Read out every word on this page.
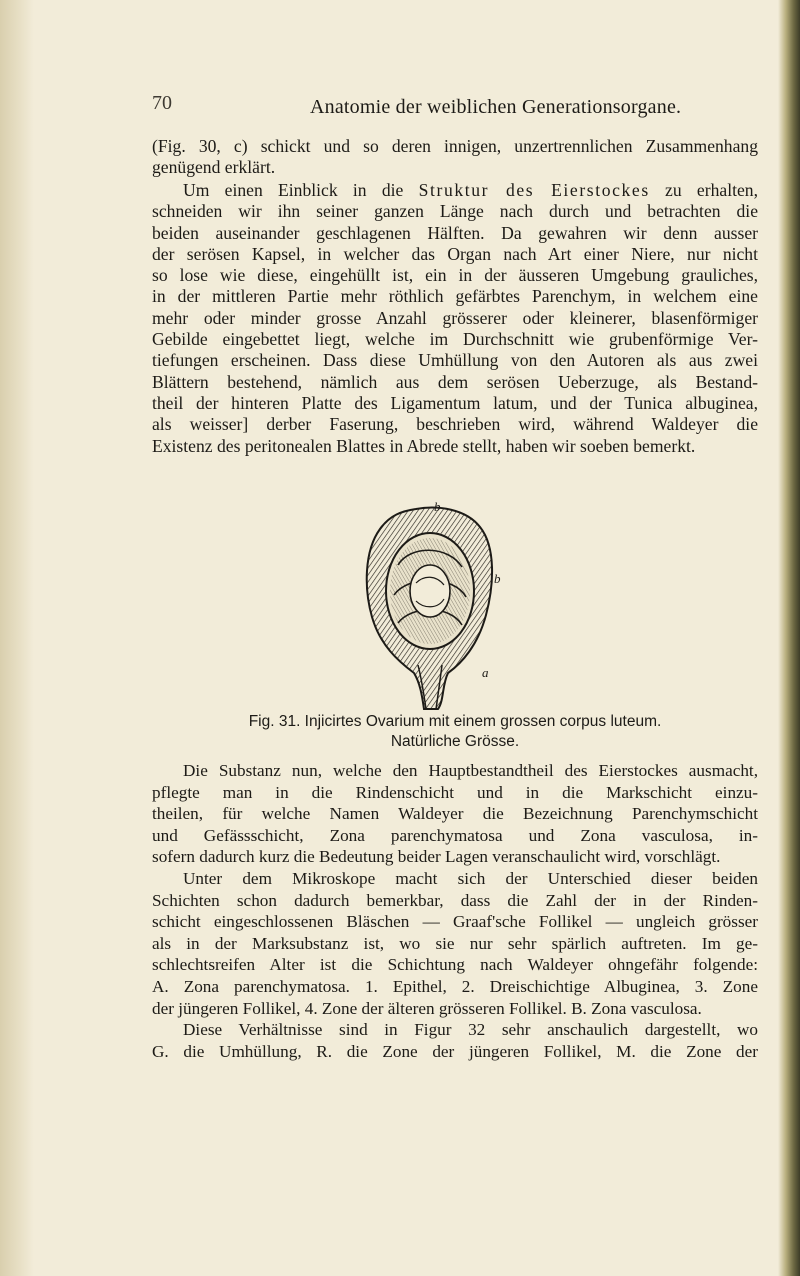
70	Anatomie der weiblichen Generationsorgane.
(Fig. 30, c) schickt und so deren innigen, unzertrennlichen Zusammenhang
genügend erklärt.
Um einen Einblick in die Struktur des Eierstockes zu erhalten,
schneiden wir ihn seiner ganzen Länge nach durch und betrachten die
beiden auseinander geschlagenen Hälften. Da gewahren wir denn ausser
der serösen Kapsel, in welcher das Organ nach Art einer Niere, nur nicht
so lose wie diese, eingehüllt ist, ein in der äusseren Umgebung grauliches,
in der mittleren Partie mehr röthlich gefärbtes Parenchym, in welchem eine
mehr oder minder grosse Anzahl grösserer oder kleinerer, blasenförmiger
Gebilde eingebettet liegt, welche im Durchschnitt wie grubenförmige Ver-
tiefungen erscheinen. Dass diese Umhüllung von den Autoren als aus zwei
Blättern bestehend, nämlich aus dem serösen Ueberzuge, als Bestand-
theil der hinteren Platte des Ligamentum latum, und der Tunica albuginea,
als weisser] derber Faserung, beschrieben wird, während Waldeyer die
Existenz des peritonealen Blattes in Abrede stellt, haben wir soeben bemerkt.
b
b
a
Fig. 31. Injicirtes Ovarium mit einem grossen corpus luteum.
Natürliche Grösse.
Die Substanz nun, welche den Hauptbestandtheil des Eierstockes ausmacht,
pflegte man in die Rindenschicht und in die Markschicht einzu-
theilen, für welche Namen Waldeyer die Bezeichnung Parenchymschicht
und Gefässschicht, Zona parenchymatosa und Zona vasculosa, in-
sofern dadurch kurz die Bedeutung beider Lagen veranschaulicht wird, vorschlägt.
Unter dem Mikroskope macht sich der Unterschied dieser beiden
Schichten schon dadurch bemerkbar, dass die Zahl der in der Rinden-
schicht eingeschlossenen Bläschen — Graaf'sche Follikel — ungleich grösser
als in der Marksubstanz ist, wo sie nur sehr spärlich auftreten. Im ge-
schlechtsreifen Alter ist die Schichtung nach Waldeyer ohngefähr folgende:
A. Zona parenchymatosa. 1. Epithel, 2. Dreischichtige Albuginea, 3. Zone
der jüngeren Follikel, 4. Zone der älteren grösseren Follikel. B. Zona vasculosa.
Diese Verhältnisse sind in Figur 32 sehr anschaulich dargestellt, wo
G. die Umhüllung, R. die Zone der jüngeren Follikel, M. die Zone der
